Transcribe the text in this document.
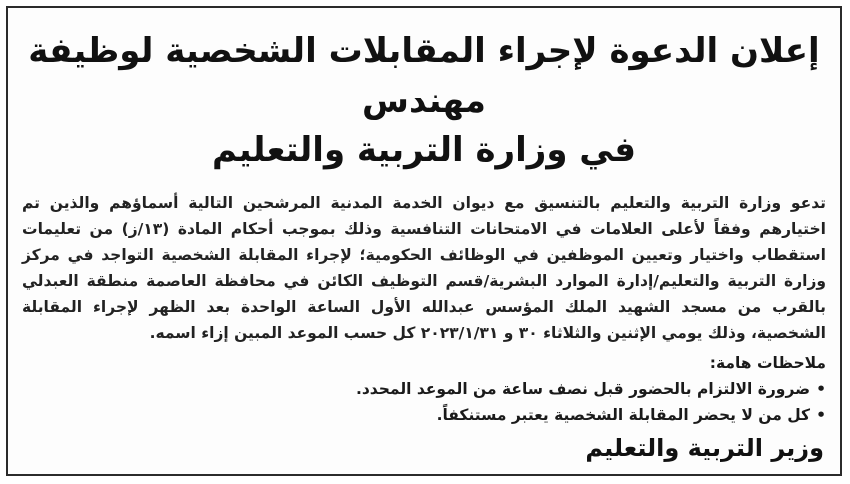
إعلان الدعوة لإجراء المقابلات الشخصية لوظيفة مهندس
في وزارة التربية والتعليم
تدعو وزارة التربية والتعليم بالتنسيق مع ديوان الخدمة المدنية المرشحين التالية أسماؤهم والذين تم اختيارهم وفقاً لأعلى العلامات في الامتحانات التنافسية وذلك بموجب أحكام المادة (١٣/ز) من تعليمات استقطاب واختيار وتعيين الموظفين في الوظائف الحكومية؛ لإجراء المقابلة الشخصية التواجد في مركز وزارة التربية والتعليم/إدارة الموارد البشرية/قسم التوظيف الكائن في محافظة العاصمة منطقة العبدلي بالقرب من مسجد الشهيد الملك المؤسس عبدالله الأول الساعة الواحدة بعد الظهر لإجراء المقابلة الشخصية، وذلك يومي الإثنين والثلاثاء ٣٠ و ٢٠٢٣/١/٣١ كل حسب الموعد المبين إزاء اسمه.
ملاحظات هامة:
•ضرورة الالتزام بالحضور قبل نصف ساعة من الموعد المحدد.
•كل من لا يحضر المقابلة الشخصية يعتبر مستنكفاً.
وزير التربية والتعليم
